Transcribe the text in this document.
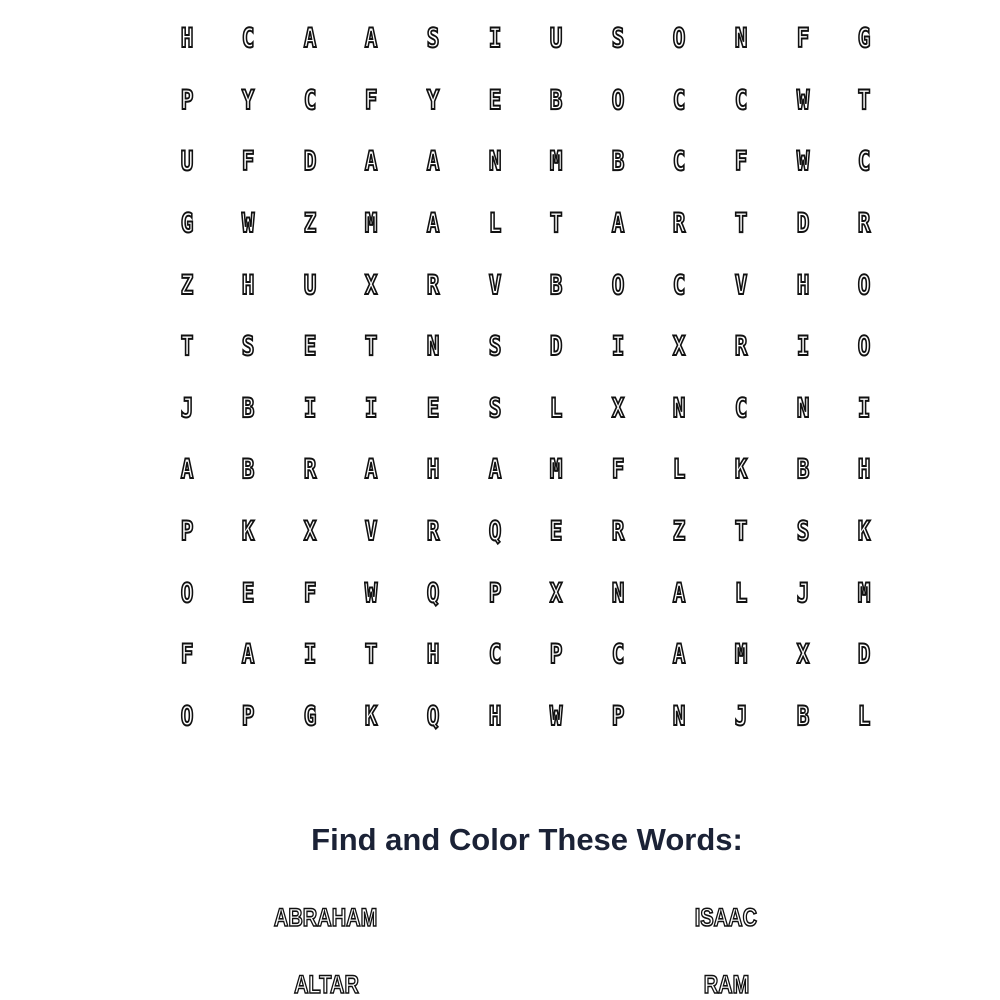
H C A A S I U S O N F G
P Y C F Y E B O C C W T
U F D A A N M B C F W C
G W Z M A L T A R T D R
Z H U X R V B O C V H O
T S E T N S D I X R I O
J B I I E S L X N C N I
A B R A H A M F L K B H
P K X V R Q E R Z T S K
O E F W Q P X N A L J M
F A I T H C P C A M X D
O P G K Q H W P N J B L
Find and Color These Words:
ABRAHAM	ISAAC
ALTAR	RAM
